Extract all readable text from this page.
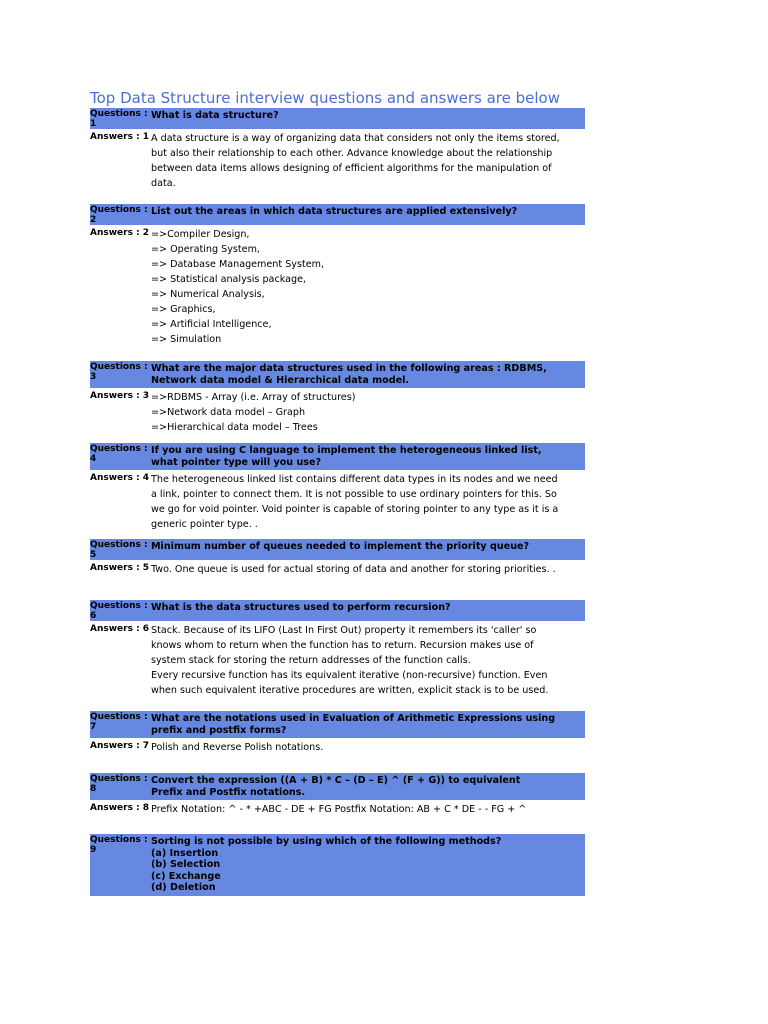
Top Data Structure interview questions and answers are below
Questions : 1
What is data structure?
Answers : 1 A data structure is a way of organizing data that considers not only the items stored,
but also their relationship to each other. Advance knowledge about the relationship
between data items allows designing of efficient algorithms for the manipulation of
data.
Questions : 2
List out the areas in which data structures are applied extensively?
Answers : 2 =>Compiler Design,
=> Operating System,
=> Database Management System,
=> Statistical analysis package,
=> Numerical Analysis,
=> Graphics,
=> Artificial Intelligence,
=> Simulation
Questions : 3
What are the major data structures used in the following areas : RDBMS,
Network data model & Hierarchical data model.
Answers : 3 =>RDBMS - Array (i.e. Array of structures)
=>Network data model – Graph
=>Hierarchical data model – Trees
Questions : 4
If you are using C language to implement the heterogeneous linked list,
what pointer type will you use?
Answers : 4 The heterogeneous linked list contains different data types in its nodes and we need
a link, pointer to connect them. It is not possible to use ordinary pointers for this. So
we go for void pointer. Void pointer is capable of storing pointer to any type as it is a
generic pointer type. .
Questions : 5
Minimum number of queues needed to implement the priority queue?
Answers : 5 Two. One queue is used for actual storing of data and another for storing priorities. .
Questions : 6
What is the data structures used to perform recursion?
Answers : 6 Stack. Because of its LIFO (Last In First Out) property it remembers its 'caller' so
knows whom to return when the function has to return. Recursion makes use of
system stack for storing the return addresses of the function calls.
Every recursive function has its equivalent iterative (non-recursive) function. Even
when such equivalent iterative procedures are written, explicit stack is to be used.
Questions : 7
What are the notations used in Evaluation of Arithmetic Expressions using
prefix and postfix forms?
Answers : 7 Polish and Reverse Polish notations.
Questions : 8
Convert the expression ((A + B) * C – (D – E) ^ (F + G)) to equivalent
Prefix and Postfix notations.
Answers : 8 Prefix Notation: ^ - * +ABC - DE + FG Postfix Notation: AB + C * DE - - FG + ^
Questions : 9
Sorting is not possible by using which of the following methods?
(a) Insertion
(b) Selection
(c) Exchange
(d) Deletion
